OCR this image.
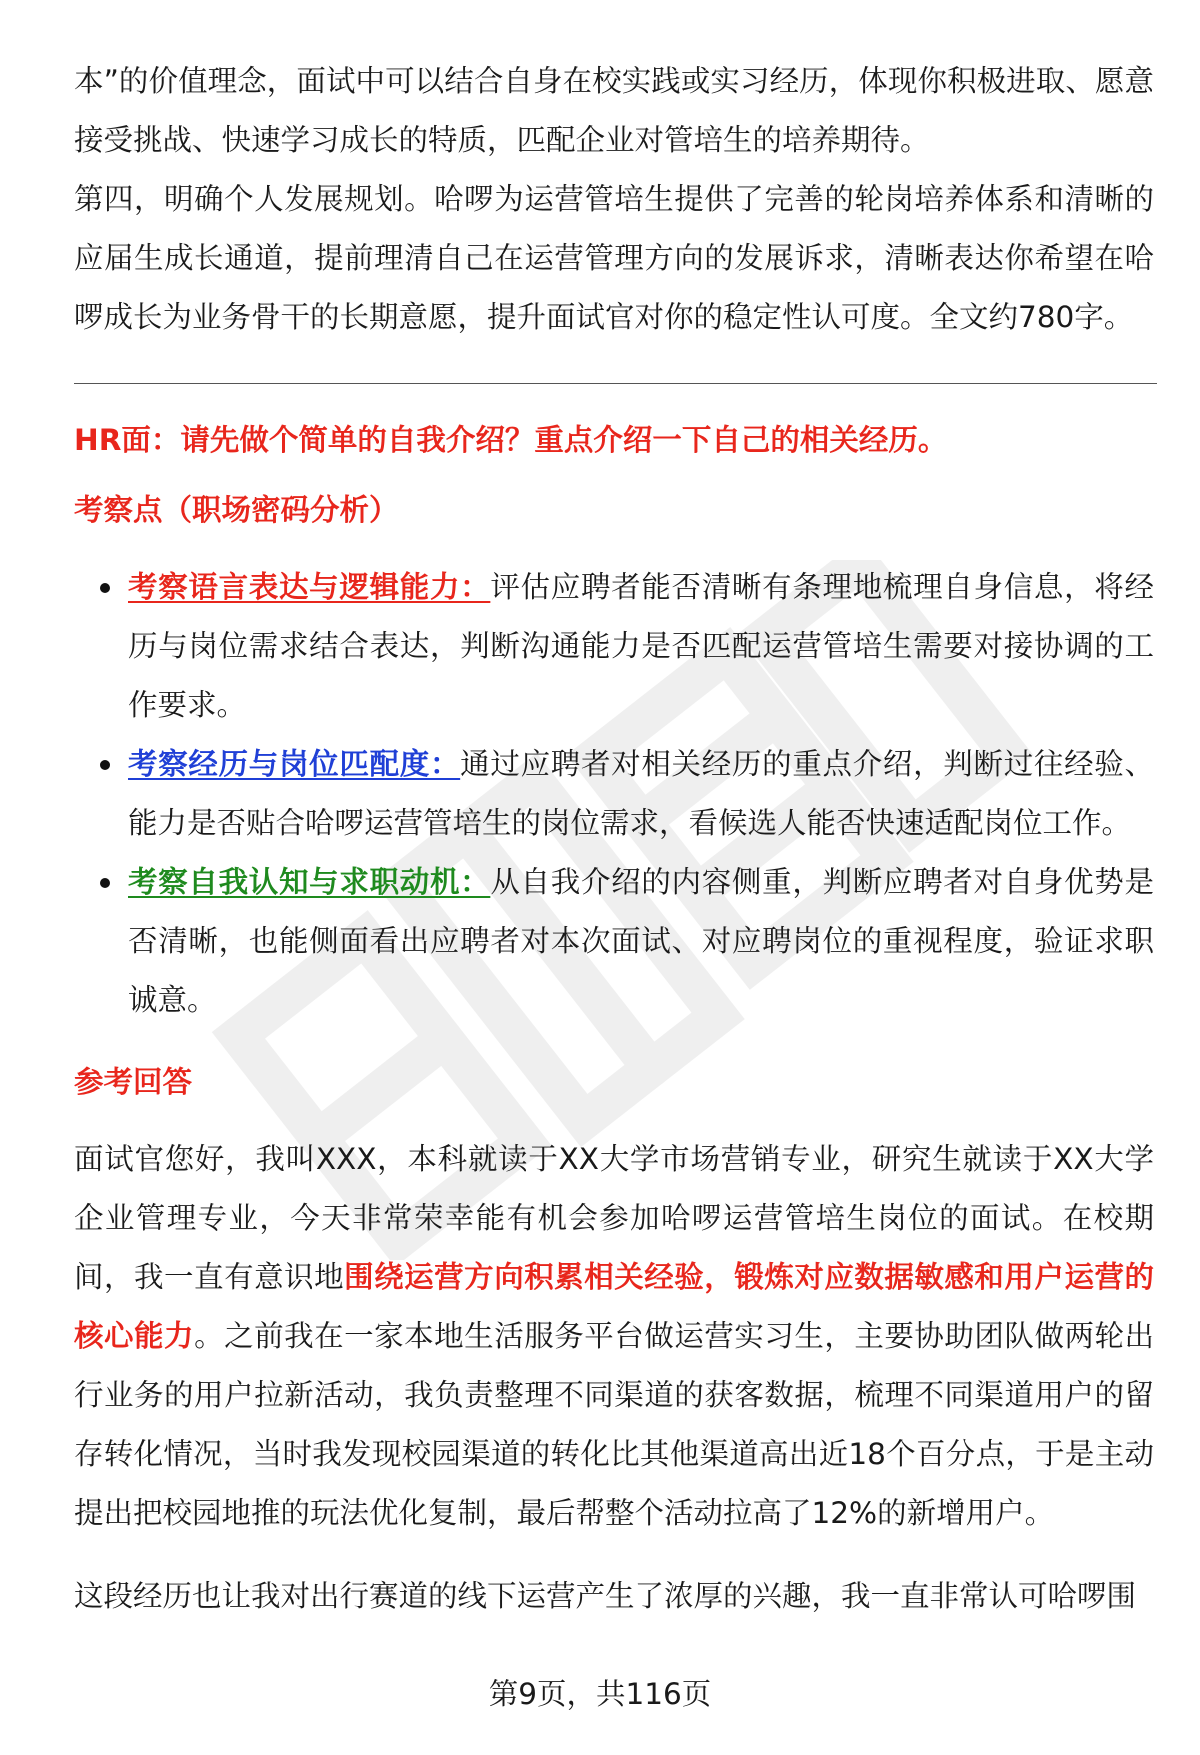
本”的价值理念，面试中可以结合自身在校实践或实习经历，体现你积极进取、愿意接受挑战、快速学习成长的特质，匹配企业对管培生的培养期待。

第四，明确个人发展规划。哈啰为运营管培生提供了完善的轮岗培养体系和清晰的应届生成长通道，提前理清自己在运营管理方向的发展诉求，清晰表达你希望在哈啰成长为业务骨干的长期意愿，提升面试官对你的稳定性认可度。全文约780字。

HR面：请先做个简单的自我介绍？重点介绍一下自己的相关经历。

考察点（职场密码分析）

考察语言表达与逻辑能力：评估应聘者能否清晰有条理地梳理自身信息，将经历与岗位需求结合表达，判断沟通能力是否匹配运营管培生需要对接协调的工作要求。
考察经历与岗位匹配度：通过应聘者对相关经历的重点介绍，判断过往经验、能力是否贴合哈啰运营管培生的岗位需求，看候选人能否快速适配岗位工作。
考察自我认知与求职动机：从自我介绍的内容侧重，判断应聘者对自身优势是否清晰，也能侧面看出应聘者对本次面试、对应聘岗位的重视程度，验证求职诚意。

参考回答

面试官您好，我叫XXX，本科就读于XX大学市场营销专业，研究生就读于XX大学企业管理专业，今天非常荣幸能有机会参加哈啰运营管培生岗位的面试。在校期间，我一直有意识地围绕运营方向积累相关经验，锻炼对应数据敏感和用户运营的核心能力。之前我在一家本地生活服务平台做运营实习生，主要协助团队做两轮出行业务的用户拉新活动，我负责整理不同渠道的获客数据，梳理不同渠道用户的留存转化情况，当时我发现校园渠道的转化比其他渠道高出近18个百分点，于是主动提出把校园地推的玩法优化复制，最后帮整个活动拉高了12%的新增用户。

这段经历也让我对出行赛道的线下运营产生了浓厚的兴趣，我一直非常认可哈啰围

第9页，共116页
